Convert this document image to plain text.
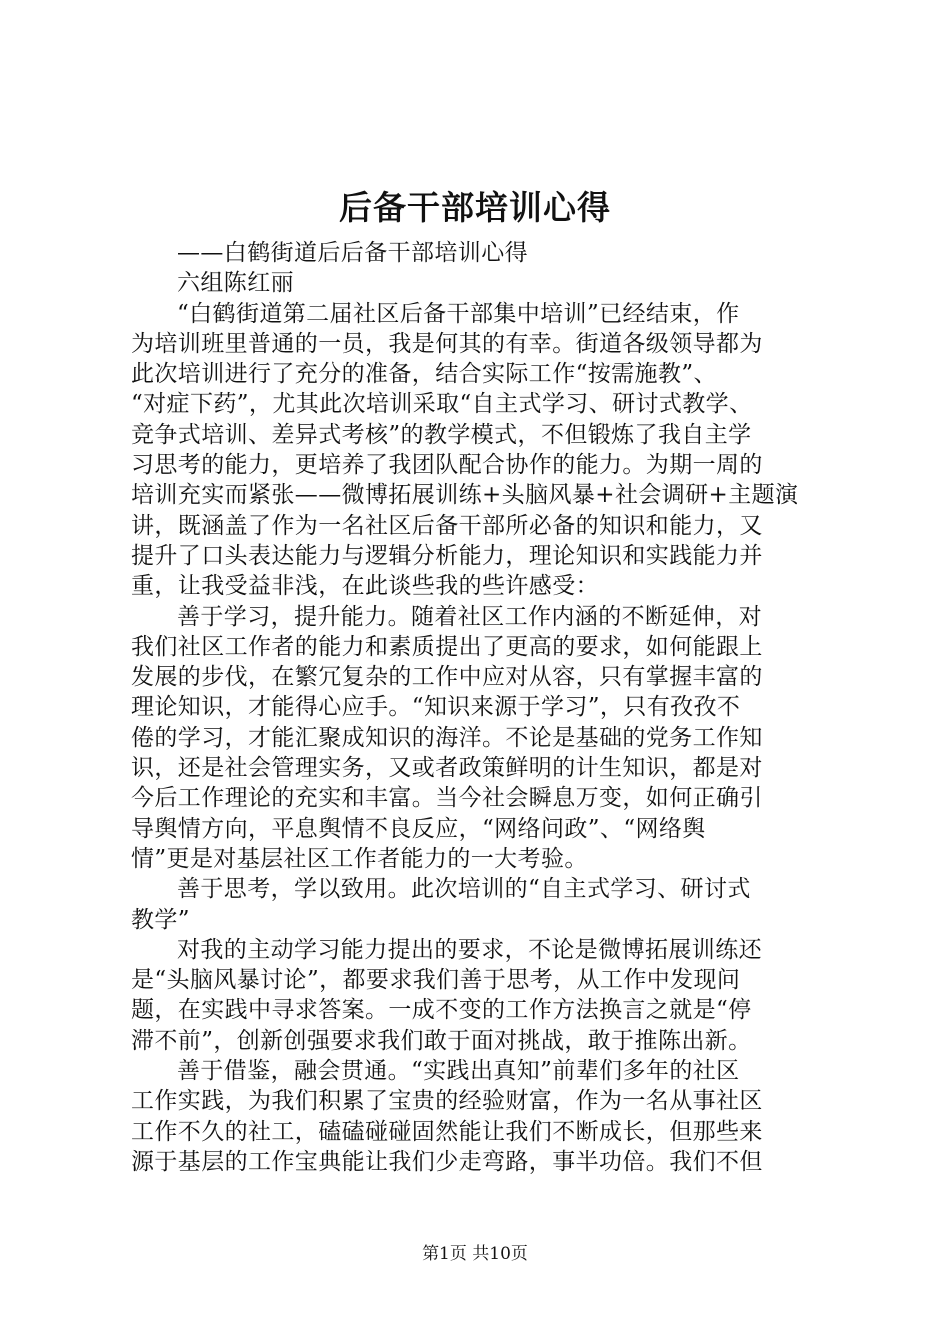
后备干部培训心得
——白鹤街道后后备干部培训心得
六组陈红丽
“白鹤街道第二届社区后备干部集中培训”已经结束，作
为培训班里普通的一员，我是何其的有幸。街道各级领导都为
此次培训进行了充分的准备，结合实际工作“按需施教”、
“对症下药”，尤其此次培训采取“自主式学习、研讨式教学、
竞争式培训、差异式考核”的教学模式，不但锻炼了我自主学
习思考的能力，更培养了我团队配合协作的能力。为期一周的
培训充实而紧张——微博拓展训练+头脑风暴+社会调研+主题演
讲，既涵盖了作为一名社区后备干部所必备的知识和能力，又
提升了口头表达能力与逻辑分析能力，理论知识和实践能力并
重，让我受益非浅，在此谈些我的些许感受：
善于学习，提升能力。随着社区工作内涵的不断延伸，对
我们社区工作者的能力和素质提出了更高的要求，如何能跟上
发展的步伐，在繁冗复杂的工作中应对从容，只有掌握丰富的
理论知识，才能得心应手。“知识来源于学习”，只有孜孜不
倦的学习，才能汇聚成知识的海洋。不论是基础的党务工作知
识，还是社会管理实务，又或者政策鲜明的计生知识，都是对
今后工作理论的充实和丰富。当今社会瞬息万变，如何正确引
导舆情方向，平息舆情不良反应，“网络问政”、“网络舆
情”更是对基层社区工作者能力的一大考验。
善于思考，学以致用。此次培训的“自主式学习、研讨式
教学”
对我的主动学习能力提出的要求，不论是微博拓展训练还
是“头脑风暴讨论”，都要求我们善于思考，从工作中发现问
题，在实践中寻求答案。一成不变的工作方法换言之就是“停
滞不前”，创新创强要求我们敢于面对挑战，敢于推陈出新。
善于借鉴，融会贯通。“实践出真知”前辈们多年的社区
工作实践，为我们积累了宝贵的经验财富，作为一名从事社区
工作不久的社工，磕磕碰碰固然能让我们不断成长，但那些来
源于基层的工作宝典能让我们少走弯路，事半功倍。我们不但
第1页 共10页
